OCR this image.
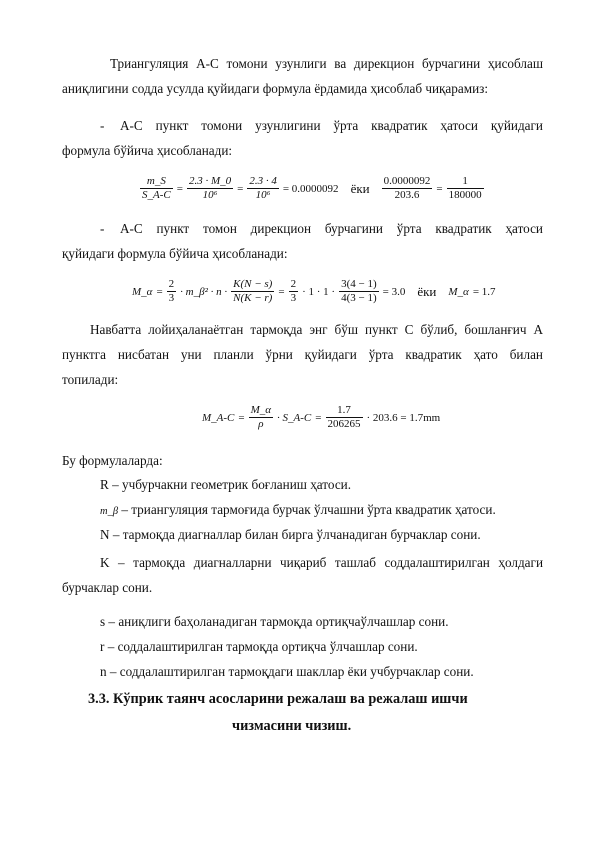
Триангуляция А-С томони узунлиги ва дирекцион бурчагини ҳисоблаш
аниқлигини содда усулда қуйидаги формула ёрдамида ҳисоблаб чиқарамиз:
- А-С пункт томони узунлигини ўрта квадратик ҳатоси қуйидаги
формула бўйича ҳисобланади:
$\frac{m\_S}{S\_A-C} = \frac{2.3 \cdot M\_0}{\text{10⁶}} = \frac{2.3 \cdot 4}{\text{10⁶}} = 0.0000092$ ёки $\frac{0.0000092}{203.6} = \frac{1}{180000}$
- А-С пункт томон дирекцион бурчагини ўрта квадратик ҳатоси
қуйидаги формула бўйича ҳисобланади:
M_α = $\frac{2}{3}$ · m_β² · $n \cdot \frac{K(N - s)}{N(K - r)} = \frac{2}{3} \cdot 1 \cdot 1 \cdot \frac{3(4 - 1)}{4(3 - 1)} = 3.0$ ёки M_α = 1.7
Навбатта лойиҳаланаётган тармоқда энг бўш пункт С бўлиб, бошланғич А
пунктга нисбатан уни планли ўрни қуйидаги ўрта квадратик ҳато билан
топилади:
M_A-C = $\frac{M\_\alpha}{\rho}$ · S_A-C = $\frac{1.7}{206265} \cdot 203.6 = 1.7mm$
Бу формулаларда:
R – учбурчакни геометрик боғланиш ҳатоси.
m_β – триангуляция тармоғида бурчак ўлчашни ўрта квадратик ҳатоси.
N – тармоқда диагналлар билан бирга ўлчанадиган бурчаклар сони.
K – тармоқда диагналларни чиқариб ташлаб соддалаштирилган ҳолдаги
бурчаклар сони.
s – аниқлиги баҳоланадиган тармоқда ортиқчаўлчашлар сони.
r – соддалаштирилган тармоқда ортиқча ўлчашлар сони.
n – соддалаштирилган тармоқдаги шакллар ёки учбурчаклар сони.
3.3. Кўприк таянч асосларини режалаш ва режалаш ишчи
чизмасини чизиш.
